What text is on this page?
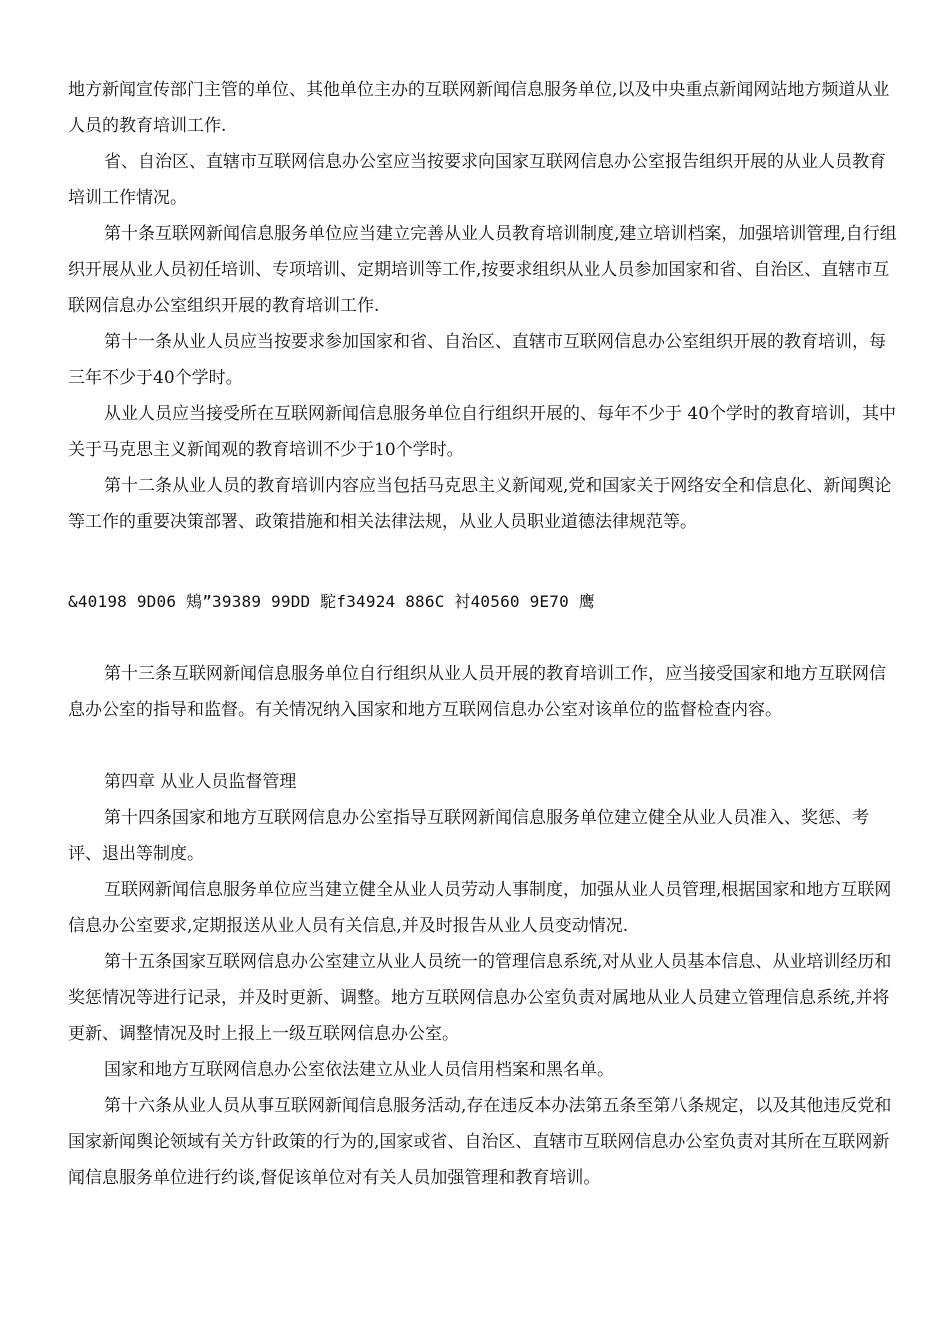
地方新闻宣传部门主管的单位、其他单位主办的互联网新闻信息服务单位,以及中央重点新闻网站地方频道从业人员的教育培训工作.

省、自治区、直辖市互联网信息办公室应当按要求向国家互联网信息办公室报告组织开展的从业人员教育培训工作情况。

第十条互联网新闻信息服务单位应当建立完善从业人员教育培训制度,建立培训档案，加强培训管理,自行组织开展从业人员初任培训、专项培训、定期培训等工作,按要求组织从业人员参加国家和省、自治区、直辖市互联网信息办公室组织开展的教育培训工作.

第十一条从业人员应当按要求参加国家和省、自治区、直辖市互联网信息办公室组织开展的教育培训，每三年不少于40个学时。

从业人员应当接受所在互联网新闻信息服务单位自行组织开展的、每年不少于 40个学时的教育培训，其中关于马克思主义新闻观的教育培训不少于10个学时。

第十二条从业人员的教育培训内容应当包括马克思主义新闻观,党和国家关于网络安全和信息化、新闻舆论等工作的重要决策部署、政策措施和相关法律法规，从业人员职业道德法律规范等。

&40198 9D06 鴩”39389 99DD 駝f34924 886C 衬40560 9E70 鹰

第十三条互联网新闻信息服务单位自行组织从业人员开展的教育培训工作，应当接受国家和地方互联网信息办公室的指导和监督。有关情况纳入国家和地方互联网信息办公室对该单位的监督检查内容。

第四章 从业人员监督管理

第十四条国家和地方互联网信息办公室指导互联网新闻信息服务单位建立健全从业人员准入、奖惩、考评、退出等制度。

互联网新闻信息服务单位应当建立健全从业人员劳动人事制度，加强从业人员管理,根据国家和地方互联网信息办公室要求,定期报送从业人员有关信息,并及时报告从业人员变动情况.

第十五条国家互联网信息办公室建立从业人员统一的管理信息系统,对从业人员基本信息、从业培训经历和奖惩情况等进行记录，并及时更新、调整。地方互联网信息办公室负责对属地从业人员建立管理信息系统,并将更新、调整情况及时上报上一级互联网信息办公室。

国家和地方互联网信息办公室依法建立从业人员信用档案和黑名单。

第十六条从业人员从事互联网新闻信息服务活动,存在违反本办法第五条至第八条规定，以及其他违反党和国家新闻舆论领域有关方针政策的行为的,国家或省、自治区、直辖市互联网信息办公室负责对其所在互联网新闻信息服务单位进行约谈,督促该单位对有关人员加强管理和教育培训。
